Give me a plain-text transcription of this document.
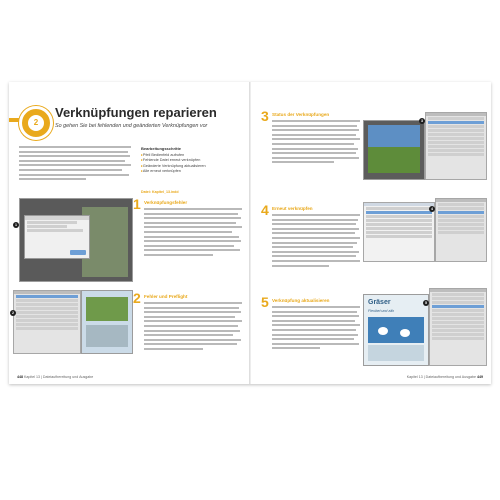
2
Verknüpfungen reparieren
So gehen Sie bei fehlenden und geänderten Verknüpfungen vor
Bearbeitungsschritte
▸ Pfeil Bedienfeld aufrufen
▸ Fehlende Datei erneut verknüpfen
▸ Geänderte Verknüpfung aktualisieren
▸ Alle erneut verknüpfen
Datei: Kapitel_13.indd
1
1 Verknüpfungsfehler
2
2 Fehler und Preflight
448 Kapitel 13 | Dateiaufbereitung und Ausgabe
3 Status der Verknüpfungen
3
4 Erneut verknüpfen	4
5 Verknüpfung aktualisieren	Gräser
Flexibel und zäh
5
Kapitel 13 | Dateiaufbereitung und Ausgabe 449
